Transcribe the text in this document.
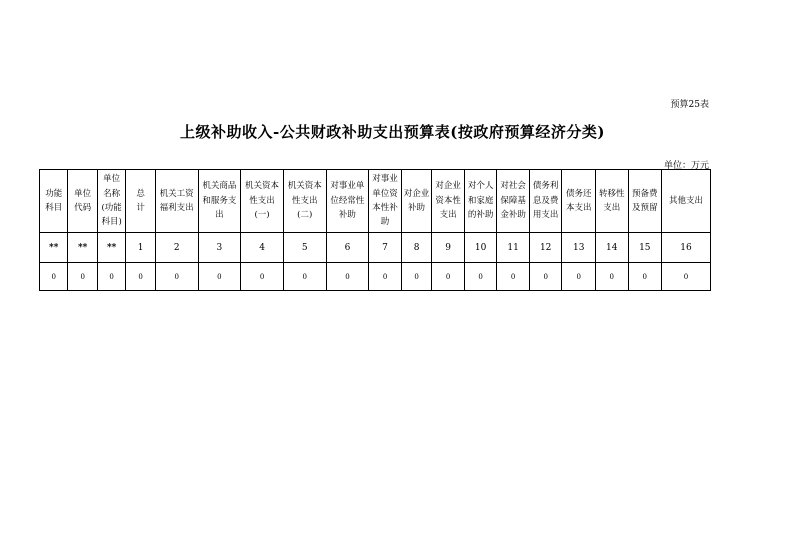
预算25表
上级补助收入-公共财政补助支出预算表(按政府预算经济分类)
单位：万元
功能科目	单位代码	单位名称(功能科目)	总计	机关工资福利支出	机关商品和服务支出	机关资本性支出(一)	机关资本性支出(二)	对事业单位经常性补助	对事业单位资本性补助	对企业补助	对企业资本性支出	对个人和家庭的补助	对社会保障基金补助	债务利息及费用支出	债务还本支出	转移性支出	预备费及预留	其他支出
**	**	**	1	2	3	4	5	6	7	8	9	10	11	12	13	14	15	16
0	0	0	0	0	0	0	0	0	0	0	0	0	0	0	0	0	0	0
